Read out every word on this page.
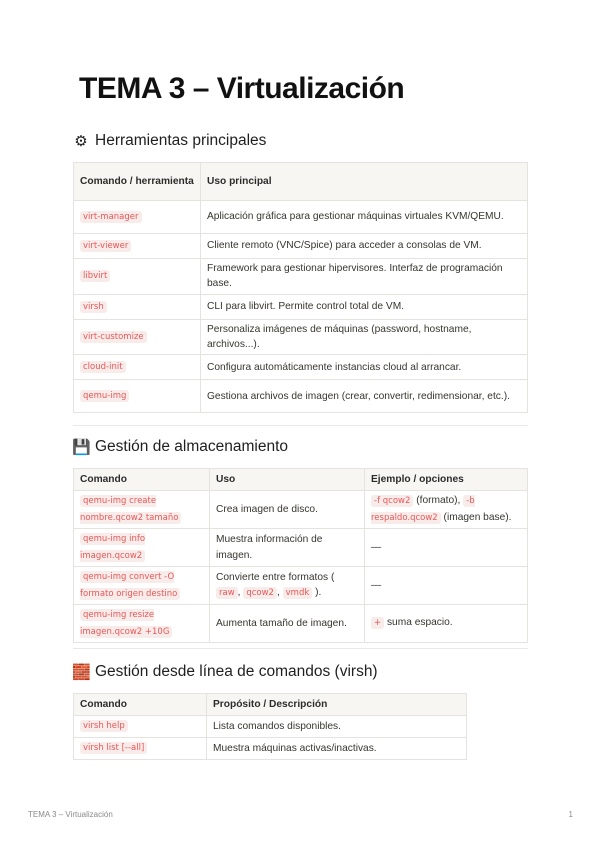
TEMA 3 – Virtualización
⚙ Herramientas principales
Comando / herramienta	Uso principal
virt-manager	Aplicación gráfica para gestionar máquinas virtuales KVM/QEMU.
virt-viewer	Cliente remoto (VNC/Spice) para acceder a consolas de VM.
libvirt	Framework para gestionar hipervisores. Interfaz de programación base.
virsh	CLI para libvirt. Permite control total de VM.
virt-customize	Personaliza imágenes de máquinas (password, hostname, archivos...).
cloud-init	Configura automáticamente instancias cloud al arrancar.
qemu-img	Gestiona archivos de imagen (crear, convertir, redimensionar, etc.).
💾 Gestión de almacenamiento
Comando	Uso	Ejemplo / opciones
qemu-img create nombre.qcow2 tamaño	Crea imagen de disco.	-f qcow2 (formato), -b respaldo.qcow2 (imagen base).
qemu-img info imagen.qcow2	Muestra información de imagen.	—
qemu-img convert -O formato origen destino	Convierte entre formatos ( raw , qcow2 , vmdk ).	—
qemu-img resize imagen.qcow2 +10G	Aumenta tamaño de imagen.	+ suma espacio.
🧱 Gestión desde línea de comandos (virsh)
Comando	Propósito / Descripción
virsh help	Lista comandos disponibles.
virsh list [--all]	Muestra máquinas activas/inactivas.
TEMA 3 – Virtualización	1
